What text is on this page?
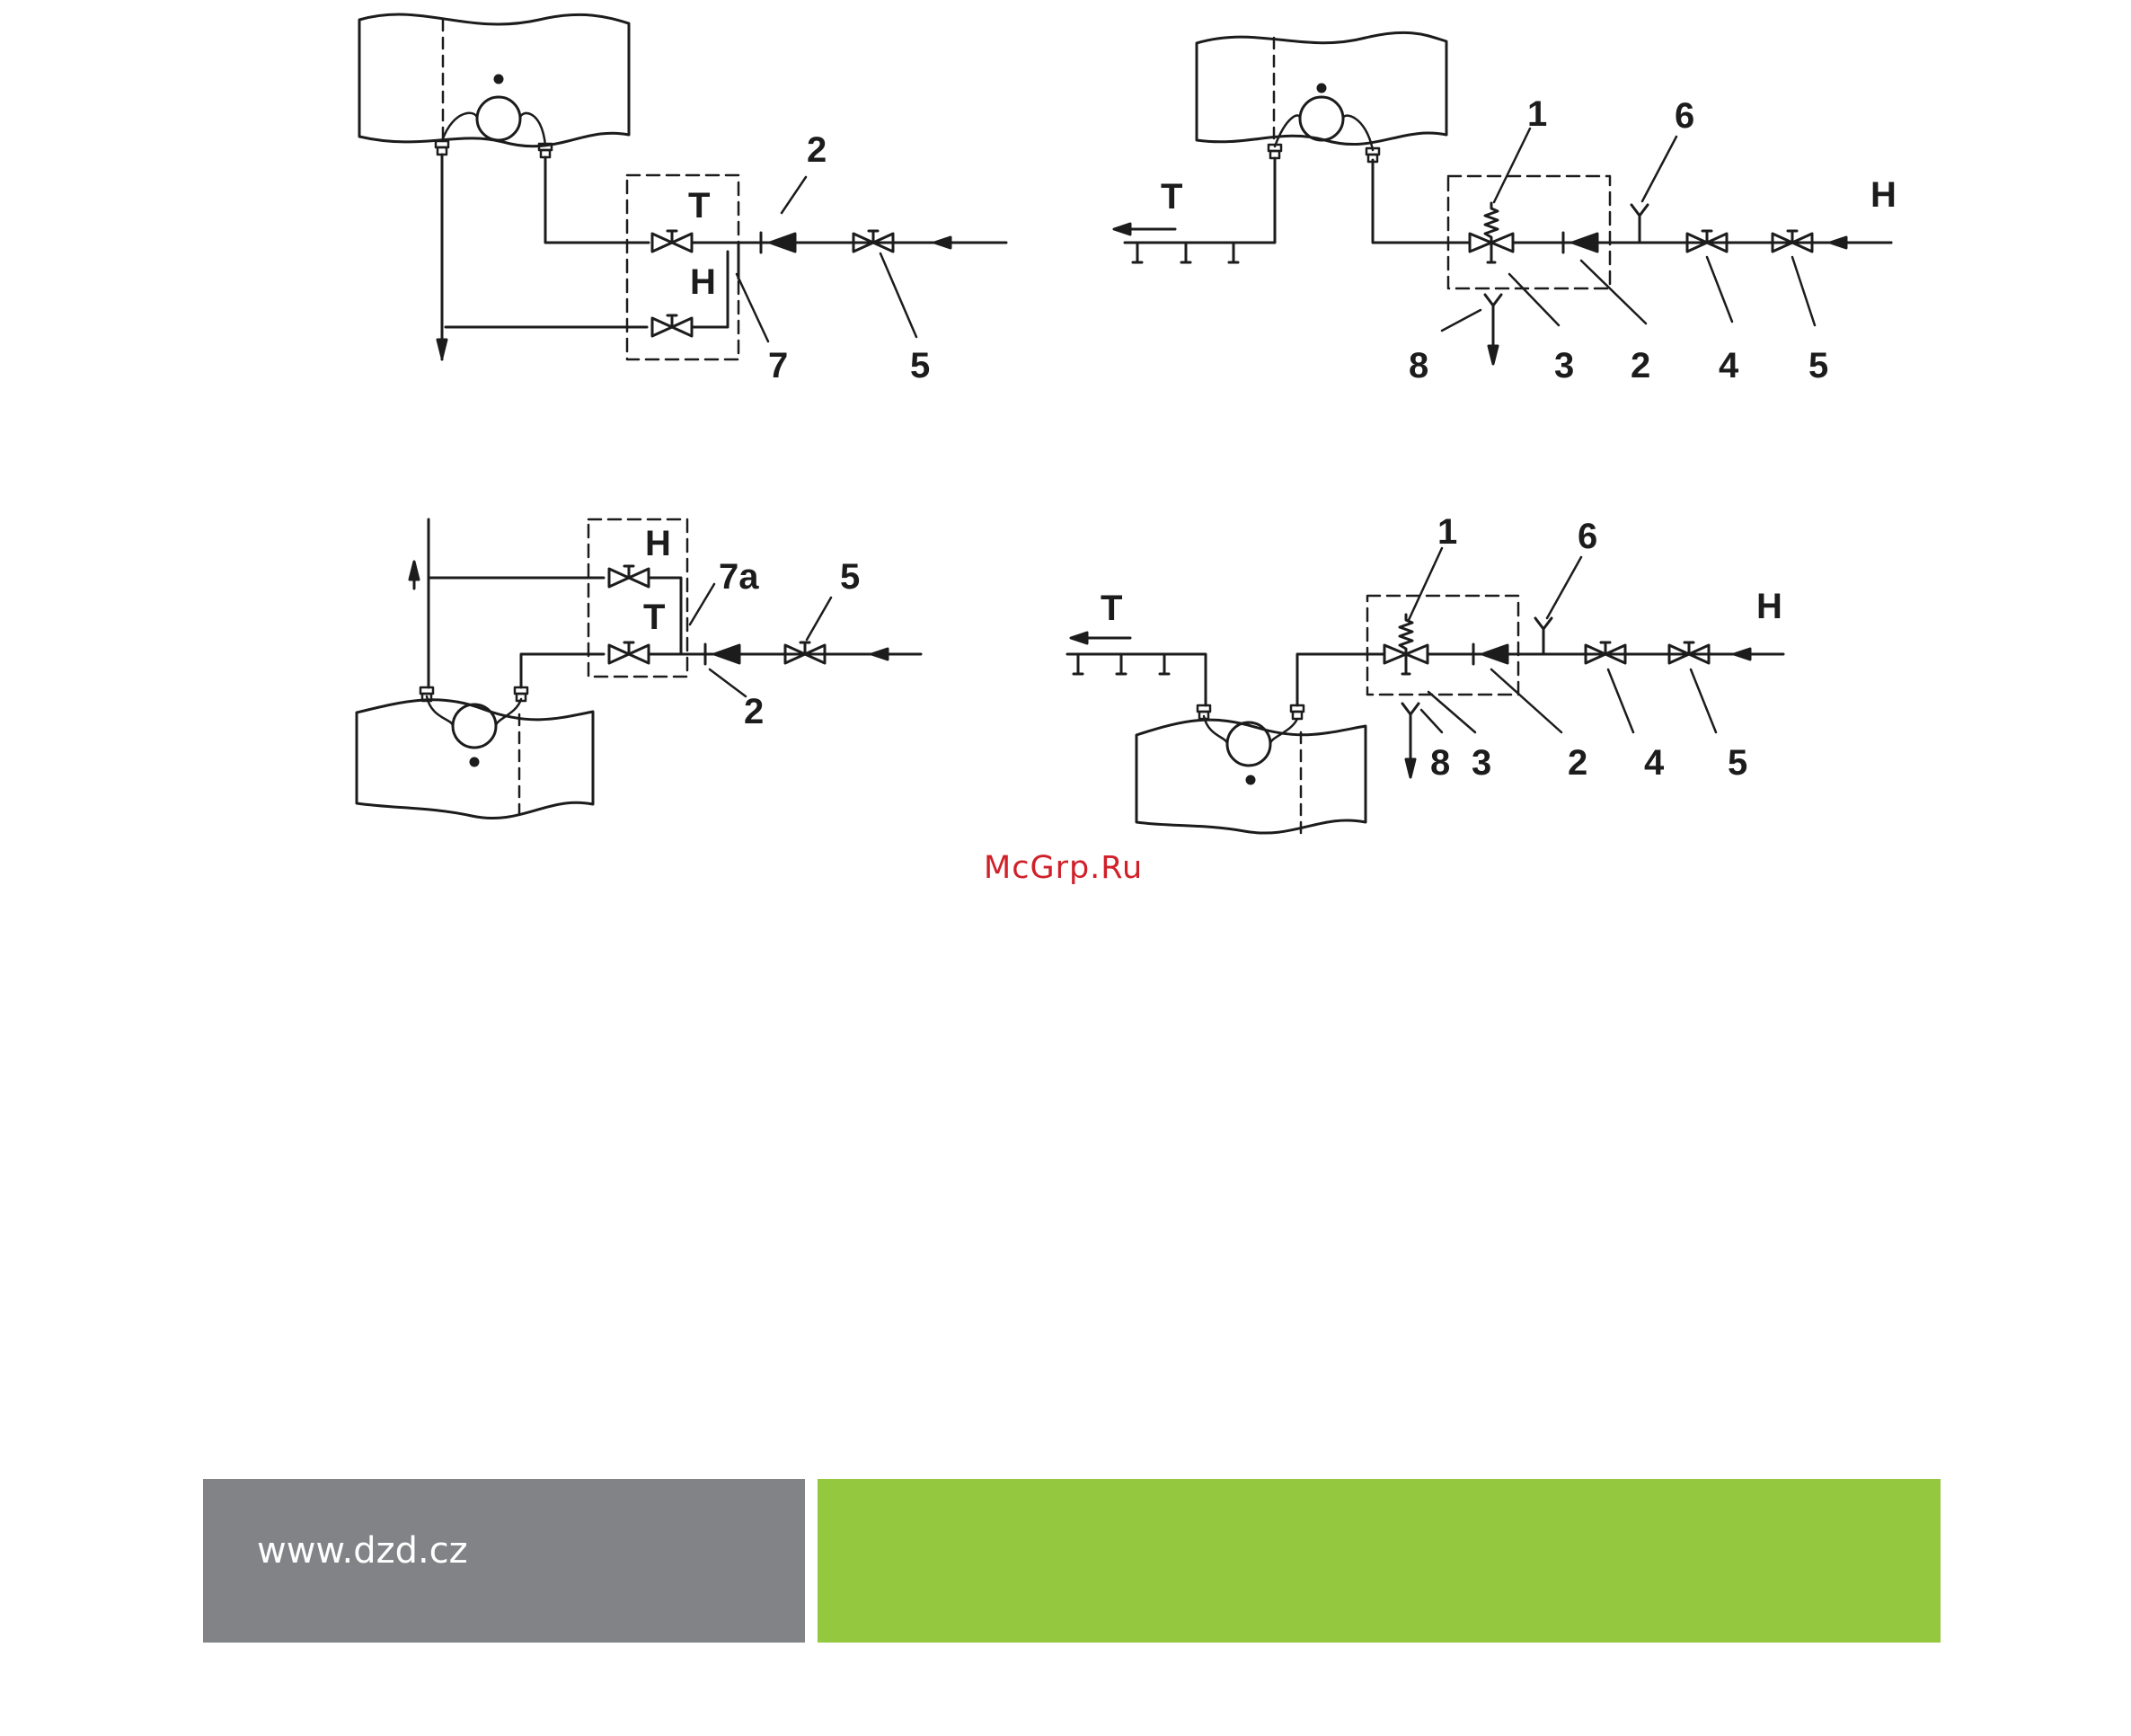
T
H
2
7	5
T	H
1	6
8	3 2 4 5
H
T
7a 5
2
T	H
1	6
8 3 2 4 5
McGrp.Ru
www.dzd.cz
